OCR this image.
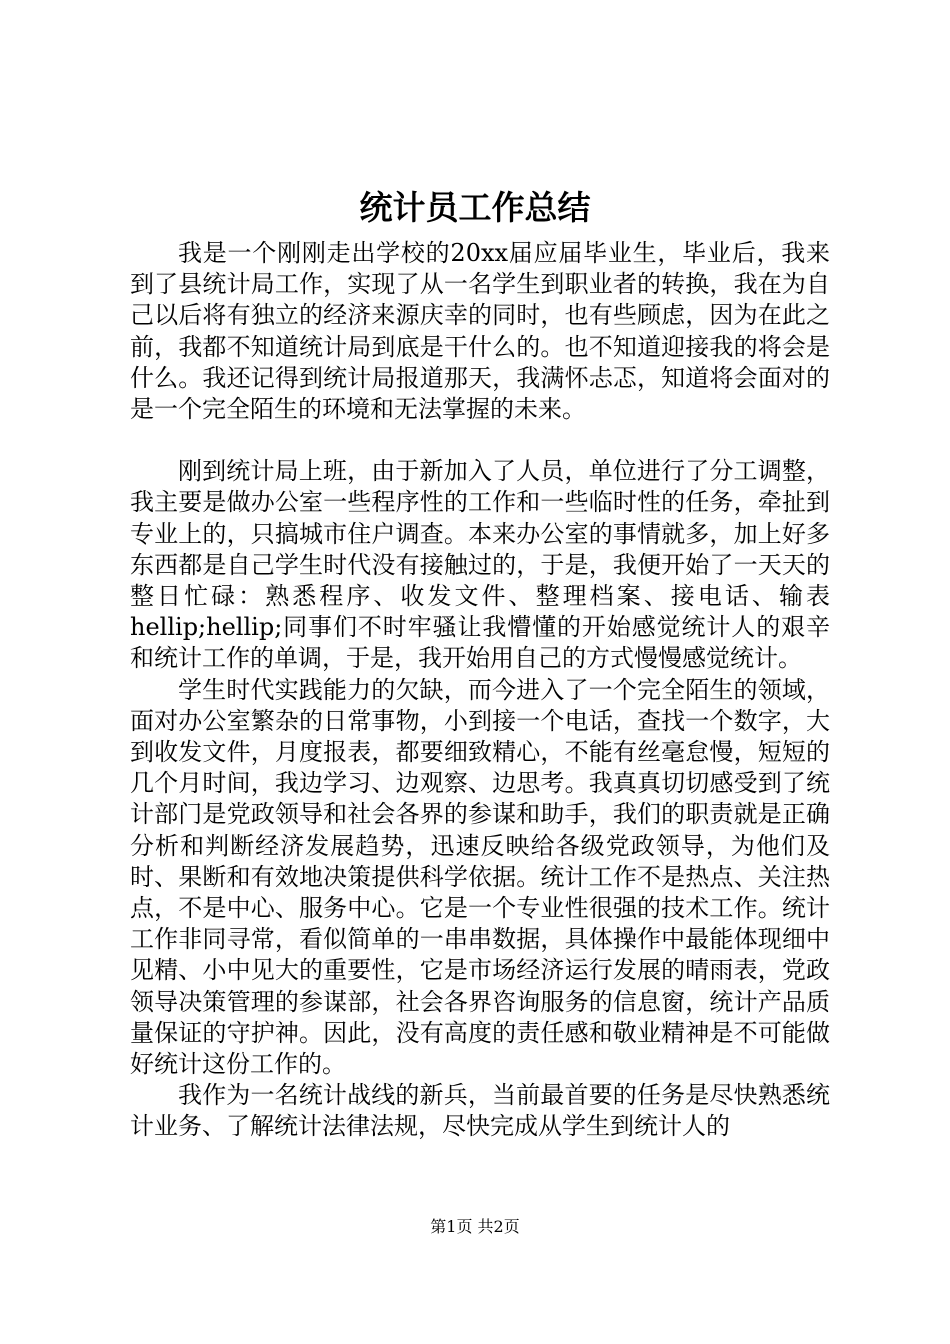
统计员工作总结

我是一个刚刚走出学校的20xx届应届毕业生，毕业后，我来到了县统计局工作，实现了从一名学生到职业者的转换，我在为自己以后将有独立的经济来源庆幸的同时，也有些顾虑，因为在此之前，我都不知道统计局到底是干什么的。也不知道迎接我的将会是什么。我还记得到统计局报道那天，我满怀忐忑，知道将会面对的是一个完全陌生的环境和无法掌握的未来。

刚到统计局上班，由于新加入了人员，单位进行了分工调整，我主要是做办公室一些程序性的工作和一些临时性的任务，牵扯到专业上的，只搞城市住户调查。本来办公室的事情就多，加上好多东西都是自己学生时代没有接触过的，于是，我便开始了一天天的整日忙碌：熟悉程序、收发文件、整理档案、接电话、输表hellip;hellip;同事们不时牢骚让我懵懂的开始感觉统计人的艰辛和统计工作的单调，于是，我开始用自己的方式慢慢感觉统计。

学生时代实践能力的欠缺，而今进入了一个完全陌生的领域，面对办公室繁杂的日常事物，小到接一个电话，查找一个数字，大到收发文件，月度报表，都要细致精心，不能有丝毫怠慢，短短的几个月时间，我边学习、边观察、边思考。我真真切切感受到了统计部门是党政领导和社会各界的参谋和助手，我们的职责就是正确分析和判断经济发展趋势，迅速反映给各级党政领导，为他们及时、果断和有效地决策提供科学依据。统计工作不是热点、关注热点，不是中心、服务中心。它是一个专业性很强的技术工作。统计工作非同寻常，看似简单的一串串数据，具体操作中最能体现细中见精、小中见大的重要性，它是市场经济运行发展的晴雨表，党政领导决策管理的参谋部，社会各界咨询服务的信息窗，统计产品质量保证的守护神。因此，没有高度的责任感和敬业精神是不可能做好统计这份工作的。

我作为一名统计战线的新兵，当前最首要的任务是尽快熟悉统计业务、了解统计法律法规，尽快完成从学生到统计人的

第1页 共2页
